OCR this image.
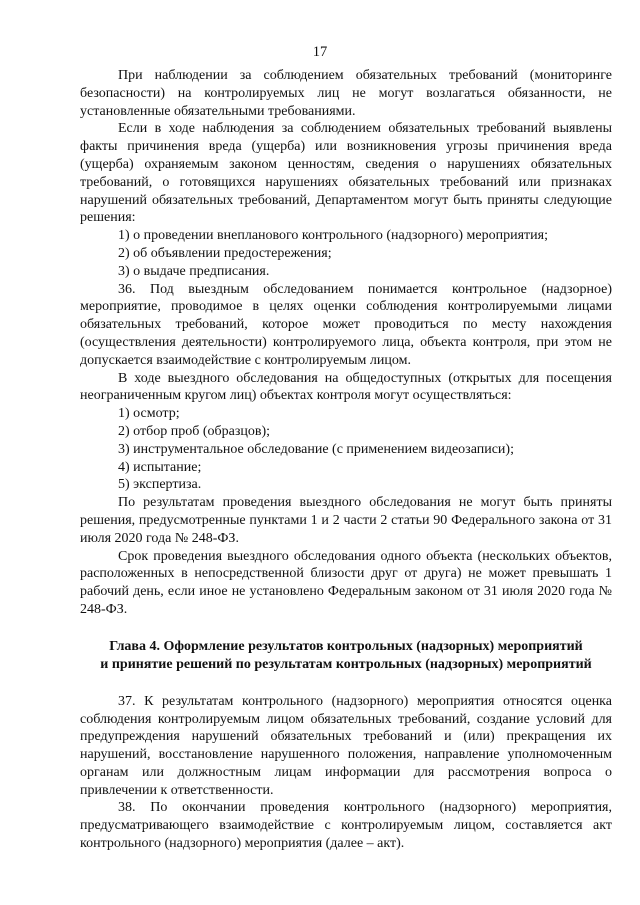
17

При наблюдении за соблюдением обязательных требований (мониторинге безопасности) на контролируемых лиц не могут возлагаться обязанности, не установленные обязательными требованиями.

Если в ходе наблюдения за соблюдением обязательных требований выявлены факты причинения вреда (ущерба) или возникновения угрозы причинения вреда (ущерба) охраняемым законом ценностям, сведения о нарушениях обязательных требований, о готовящихся нарушениях обязательных требований или признаках нарушений обязательных требований, Департаментом могут быть приняты следующие решения:

1) о проведении внепланового контрольного (надзорного) мероприятия;

2) об объявлении предостережения;

3) о выдаче предписания.

36. Под выездным обследованием понимается контрольное (надзорное) мероприятие, проводимое в целях оценки соблюдения контролируемыми лицами обязательных требований, которое может проводиться по месту нахождения (осуществления деятельности) контролируемого лица, объекта контроля, при этом не допускается взаимодействие с контролируемым лицом.

В ходе выездного обследования на общедоступных (открытых для посещения неограниченным кругом лиц) объектах контроля могут осуществляться:

1) осмотр;

2) отбор проб (образцов);

3) инструментальное обследование (с применением видеозаписи);

4) испытание;

5) экспертиза.

По результатам проведения выездного обследования не могут быть приняты решения, предусмотренные пунктами 1 и 2 части 2 статьи 90 Федерального закона от 31 июля 2020 года № 248-ФЗ.

Срок проведения выездного обследования одного объекта (нескольких объектов, расположенных в непосредственной близости друг от друга) не может превышать 1 рабочий день, если иное не установлено Федеральным законом от 31 июля 2020 года № 248-ФЗ.

Глава 4. Оформление результатов контрольных (надзорных) мероприятий
и принятие решений по результатам контрольных (надзорных) мероприятий

37. К результатам контрольного (надзорного) мероприятия относятся оценка соблюдения контролируемым лицом обязательных требований, создание условий для предупреждения нарушений обязательных требований и (или) прекращения их нарушений, восстановление нарушенного положения, направление уполномоченным органам или должностным лицам информации для рассмотрения вопроса о привлечении к ответственности.

38. По окончании проведения контрольного (надзорного) мероприятия, предусматривающего взаимодействие с контролируемым лицом, составляется акт контрольного (надзорного) мероприятия (далее – акт).
